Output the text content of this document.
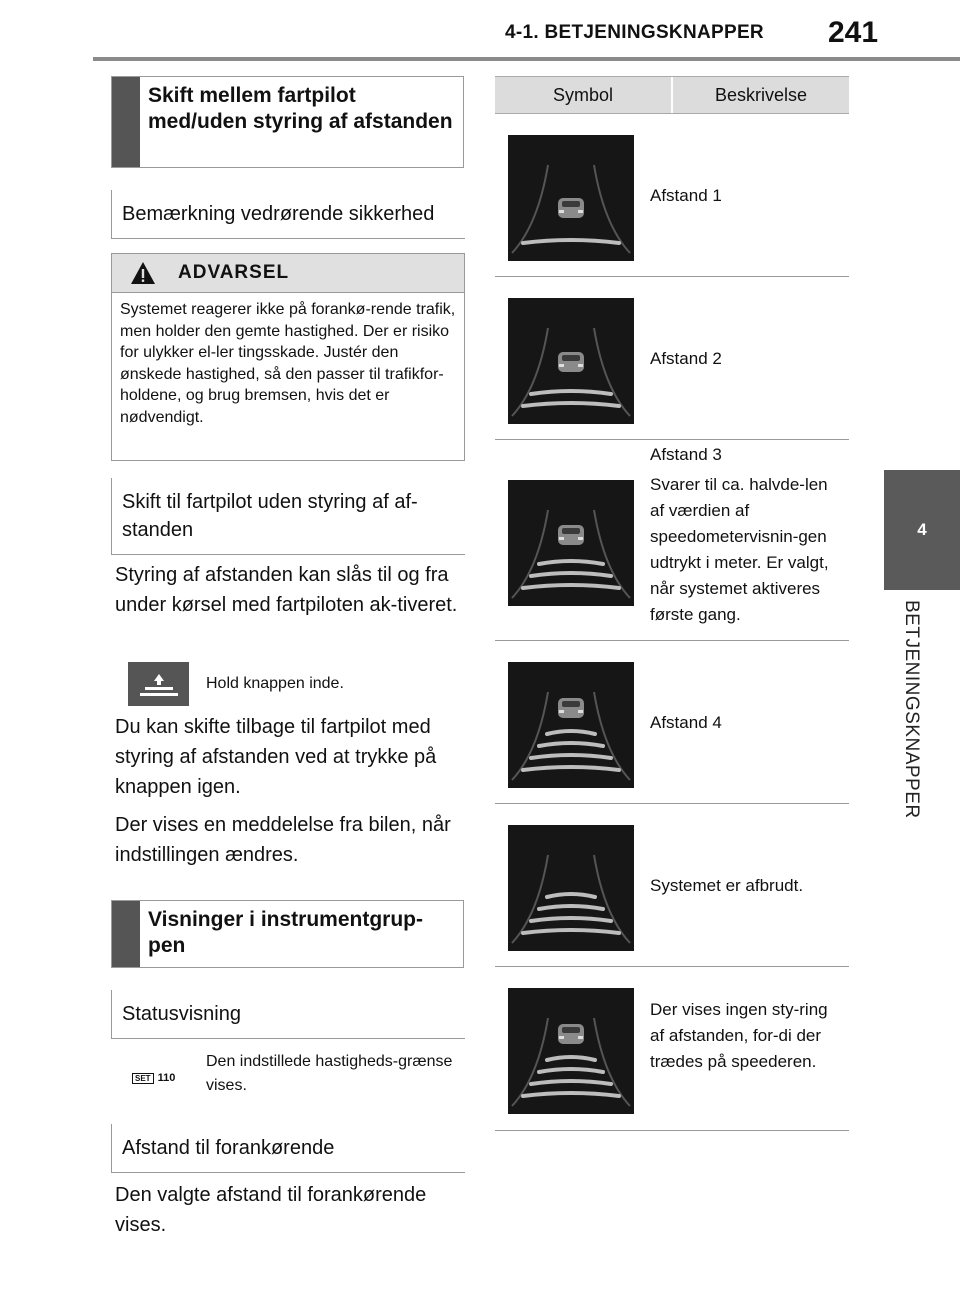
4-1. BETJENINGSKNAPPER 241
4
BETJENINGSKNAPPER
Skift mellem fartpilot med/uden styring af afstanden
Bemærkning vedrørende sikkerhed
ADVARSEL
Systemet reagerer ikke på forankø-rende trafik, men holder den gemte hastighed. Der er risiko for ulykker el-ler tingsskade. Justér den ønskede hastighed, så den passer til trafikfor-holdene, og brug bremsen, hvis det er nødvendigt.
Skift til fartpilot uden styring af af-standen
Styring af afstanden kan slås til og fra under kørsel med fartpiloten ak-tiveret.
Hold knappen inde.
Du kan skifte tilbage til fartpilot med styring af afstanden ved at trykke på knappen igen.
Der vises en meddelelse fra bilen, når indstillingen ændres.
Visninger i instrumentgrup-pen
Statusvisning
SET 110
Den indstillede hastigheds-grænse vises.
Afstand til forankørende
Den valgte afstand til forankørende vises.
Symbol	Beskrivelse
Afstand 1
Afstand 2
Afstand 3
Svarer til ca. halvde-len af værdien af speedometervisnin-gen udtrykt i meter. Er valgt, når systemet aktiveres første gang.
Afstand 4
Systemet er afbrudt.
Der vises ingen sty-ring af afstanden, for-di der trædes på speederen.
